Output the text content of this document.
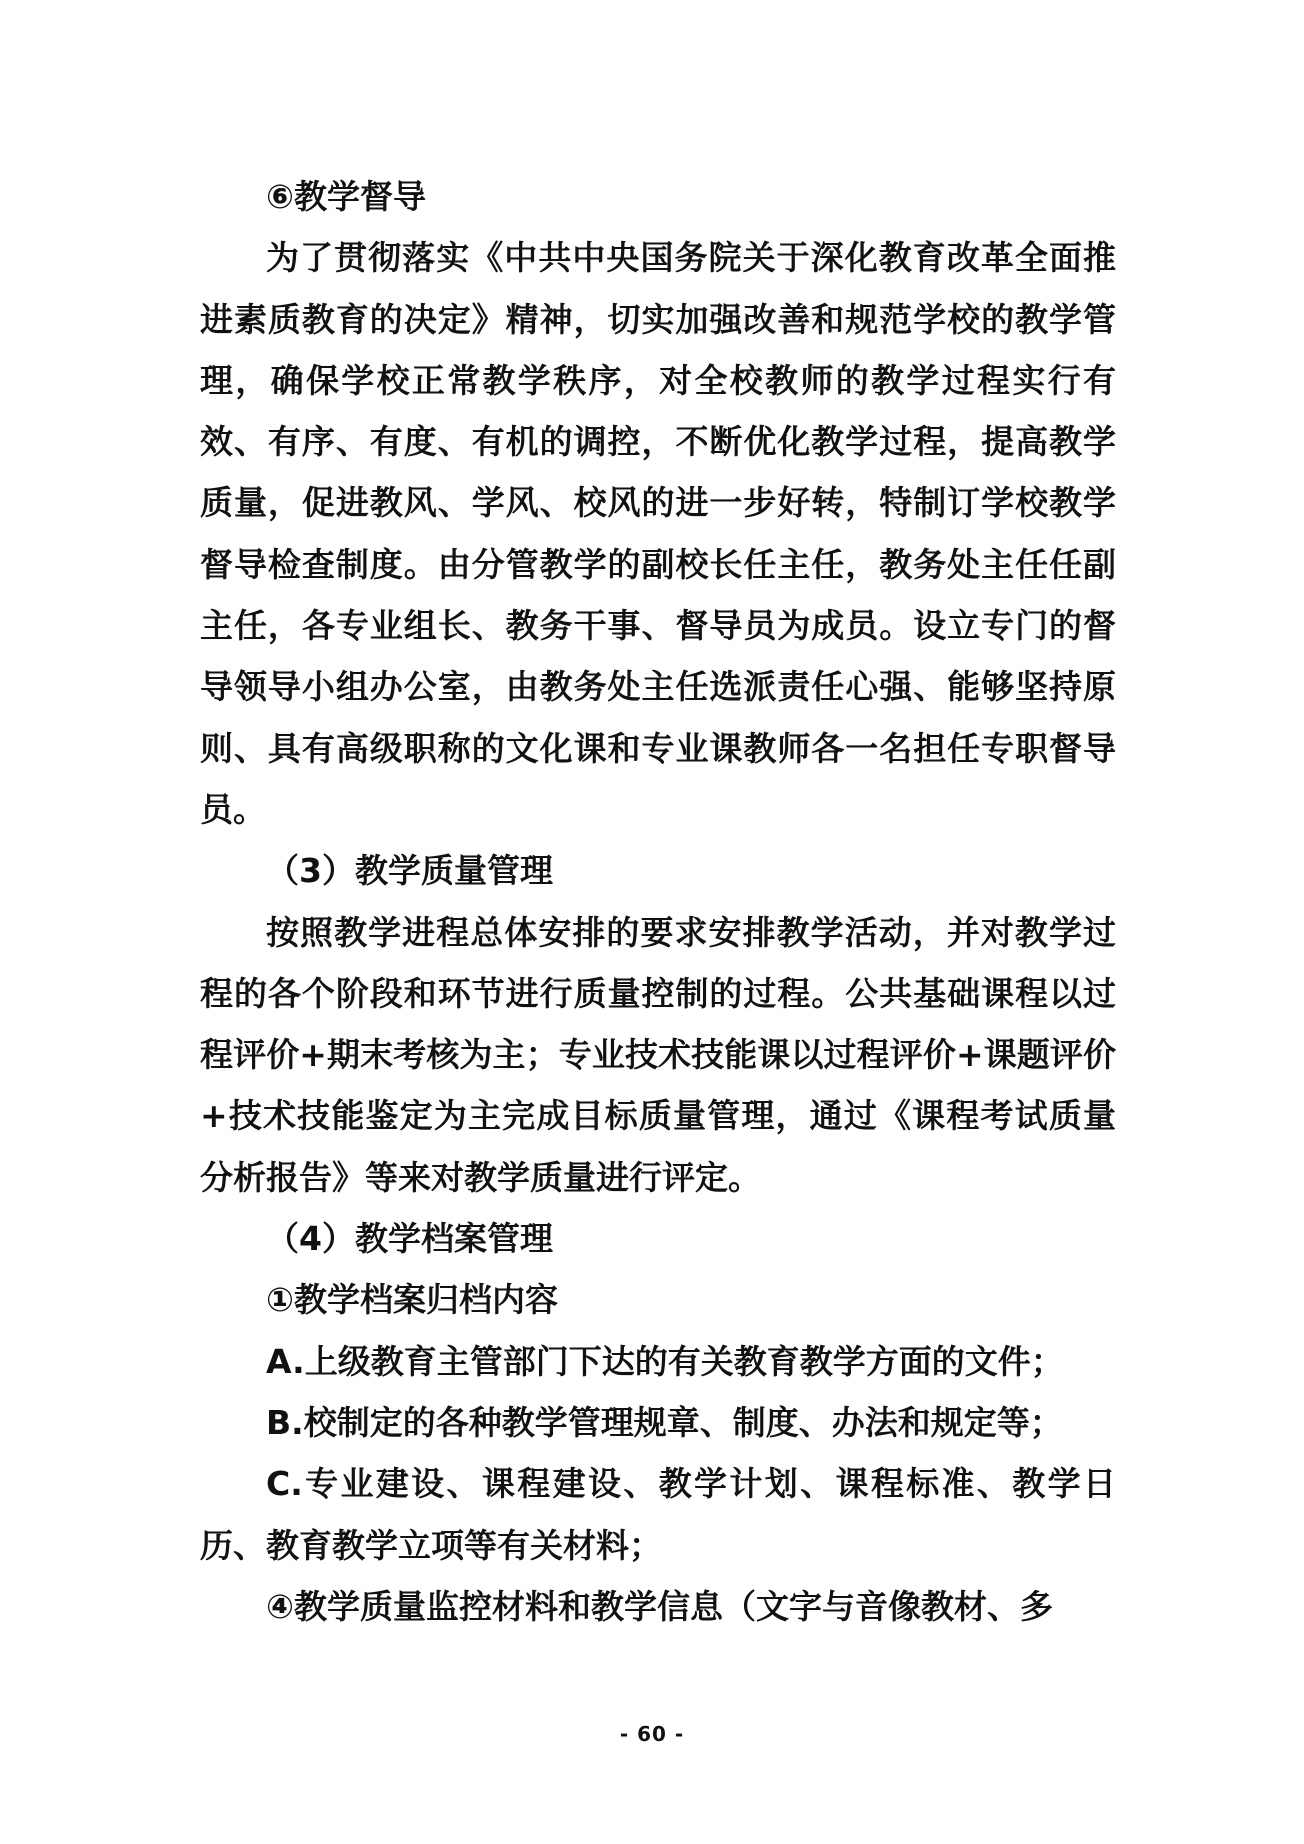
⑥教学督导

为了贯彻落实《中共中央国务院关于深化教育改革全面推进素质教育的决定》精神，切实加强改善和规范学校的教学管理，确保学校正常教学秩序，对全校教师的教学过程实行有效、有序、有度、有机的调控，不断优化教学过程，提高教学质量，促进教风、学风、校风的进一步好转，特制订学校教学督导检查制度。由分管教学的副校长任主任，教务处主任任副主任，各专业组长、教务干事、督导员为成员。设立专门的督导领导小组办公室，由教务处主任选派责任心强、能够坚持原则、具有高级职称的文化课和专业课教师各一名担任专职督导员。

（3）教学质量管理

按照教学进程总体安排的要求安排教学活动，并对教学过程的各个阶段和环节进行质量控制的过程。公共基础课程以过程评价+期末考核为主；专业技术技能课以过程评价+课题评价+技术技能鉴定为主完成目标质量管理，通过《课程考试质量分析报告》等来对教学质量进行评定。

（4）教学档案管理

①教学档案归档内容

A.上级教育主管部门下达的有关教育教学方面的文件；

B.校制定的各种教学管理规章、制度、办法和规定等；

C.专业建设、课程建设、教学计划、课程标准、教学日历、教育教学立项等有关材料；

④教学质量监控材料和教学信息（文字与音像教材、多

- 60 -
